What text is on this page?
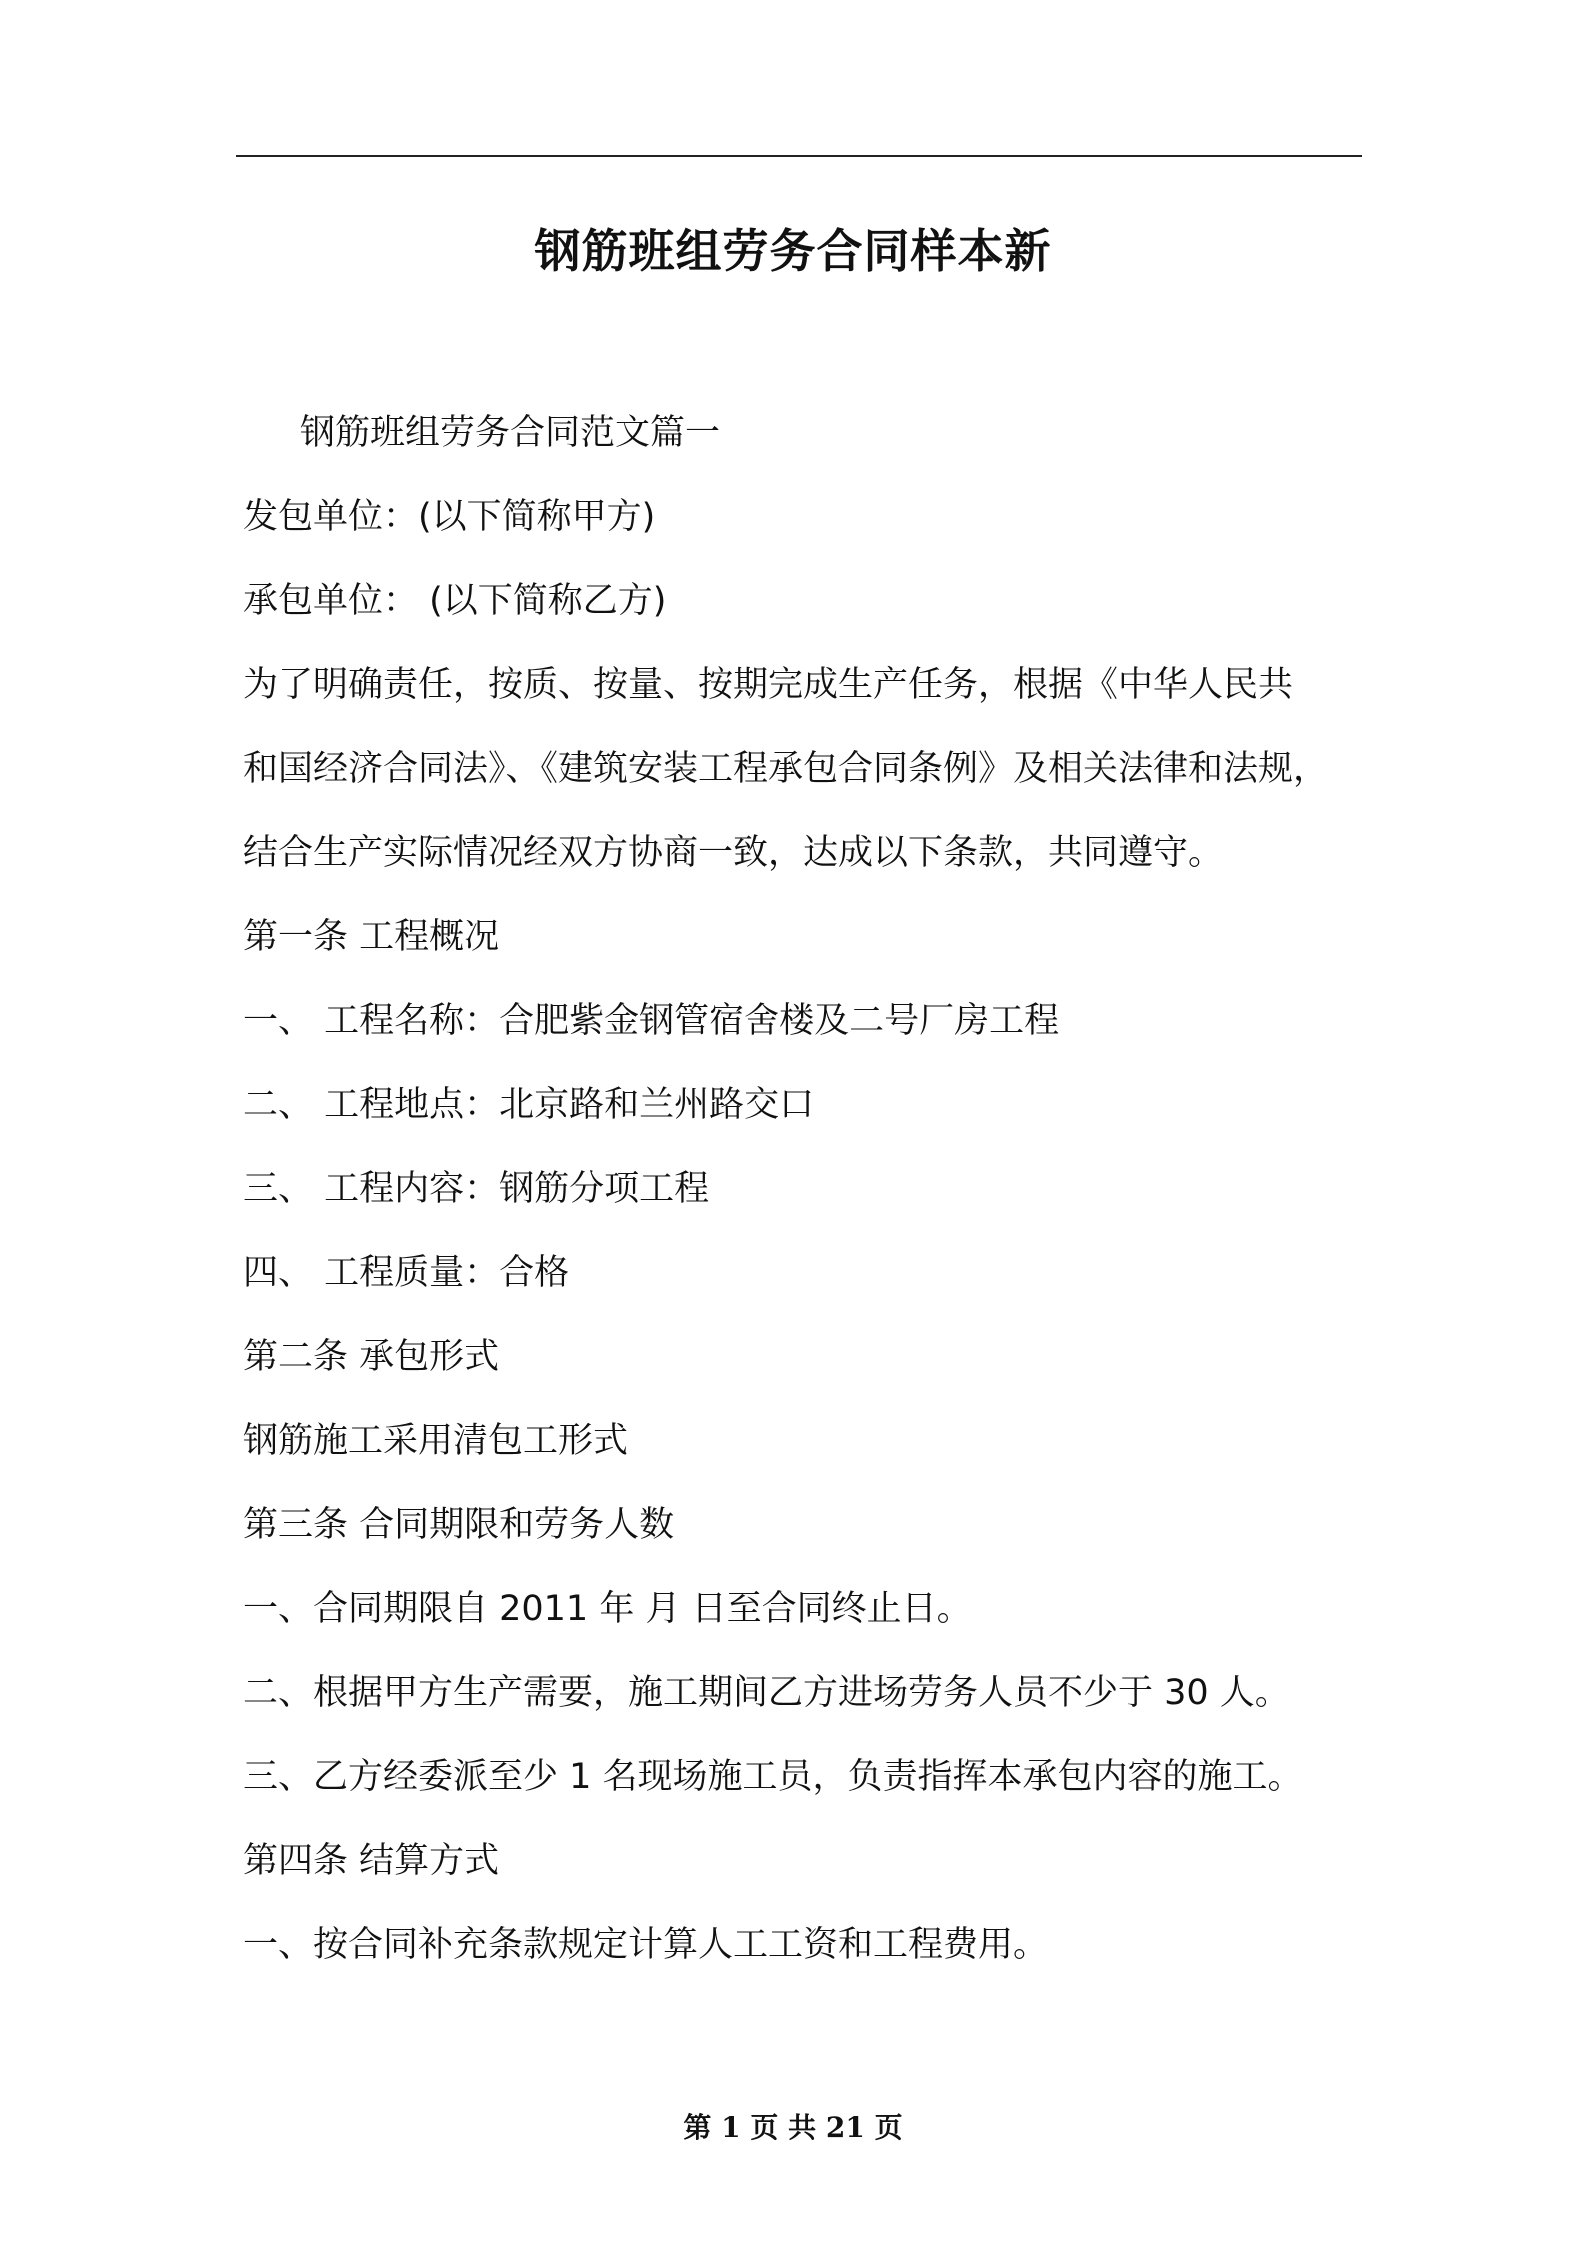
钢筋班组劳务合同样本新
钢筋班组劳务合同范文篇一
发包单位：(以下简称甲方)
承包单位： (以下简称乙方)
为了明确责任，按质、按量、按期完成生产任务，根据《中华人民共
和国经济合同法》、《建筑安装工程承包合同条例》及相关法律和法规，
结合生产实际情况经双方协商一致，达成以下条款，共同遵守。
第一条 工程概况
一、 工程名称：合肥紫金钢管宿舍楼及二号厂房工程
二、 工程地点：北京路和兰州路交口
三、 工程内容：钢筋分项工程
四、 工程质量：合格
第二条 承包形式
钢筋施工采用清包工形式
第三条 合同期限和劳务人数
一、合同期限自 2011 年 月 日至合同终止日。
二、根据甲方生产需要，施工期间乙方进场劳务人员不少于 30 人。
三、乙方经委派至少 1 名现场施工员，负责指挥本承包内容的施工。
第四条 结算方式
一、按合同补充条款规定计算人工工资和工程费用。
第 1 页 共 21 页
